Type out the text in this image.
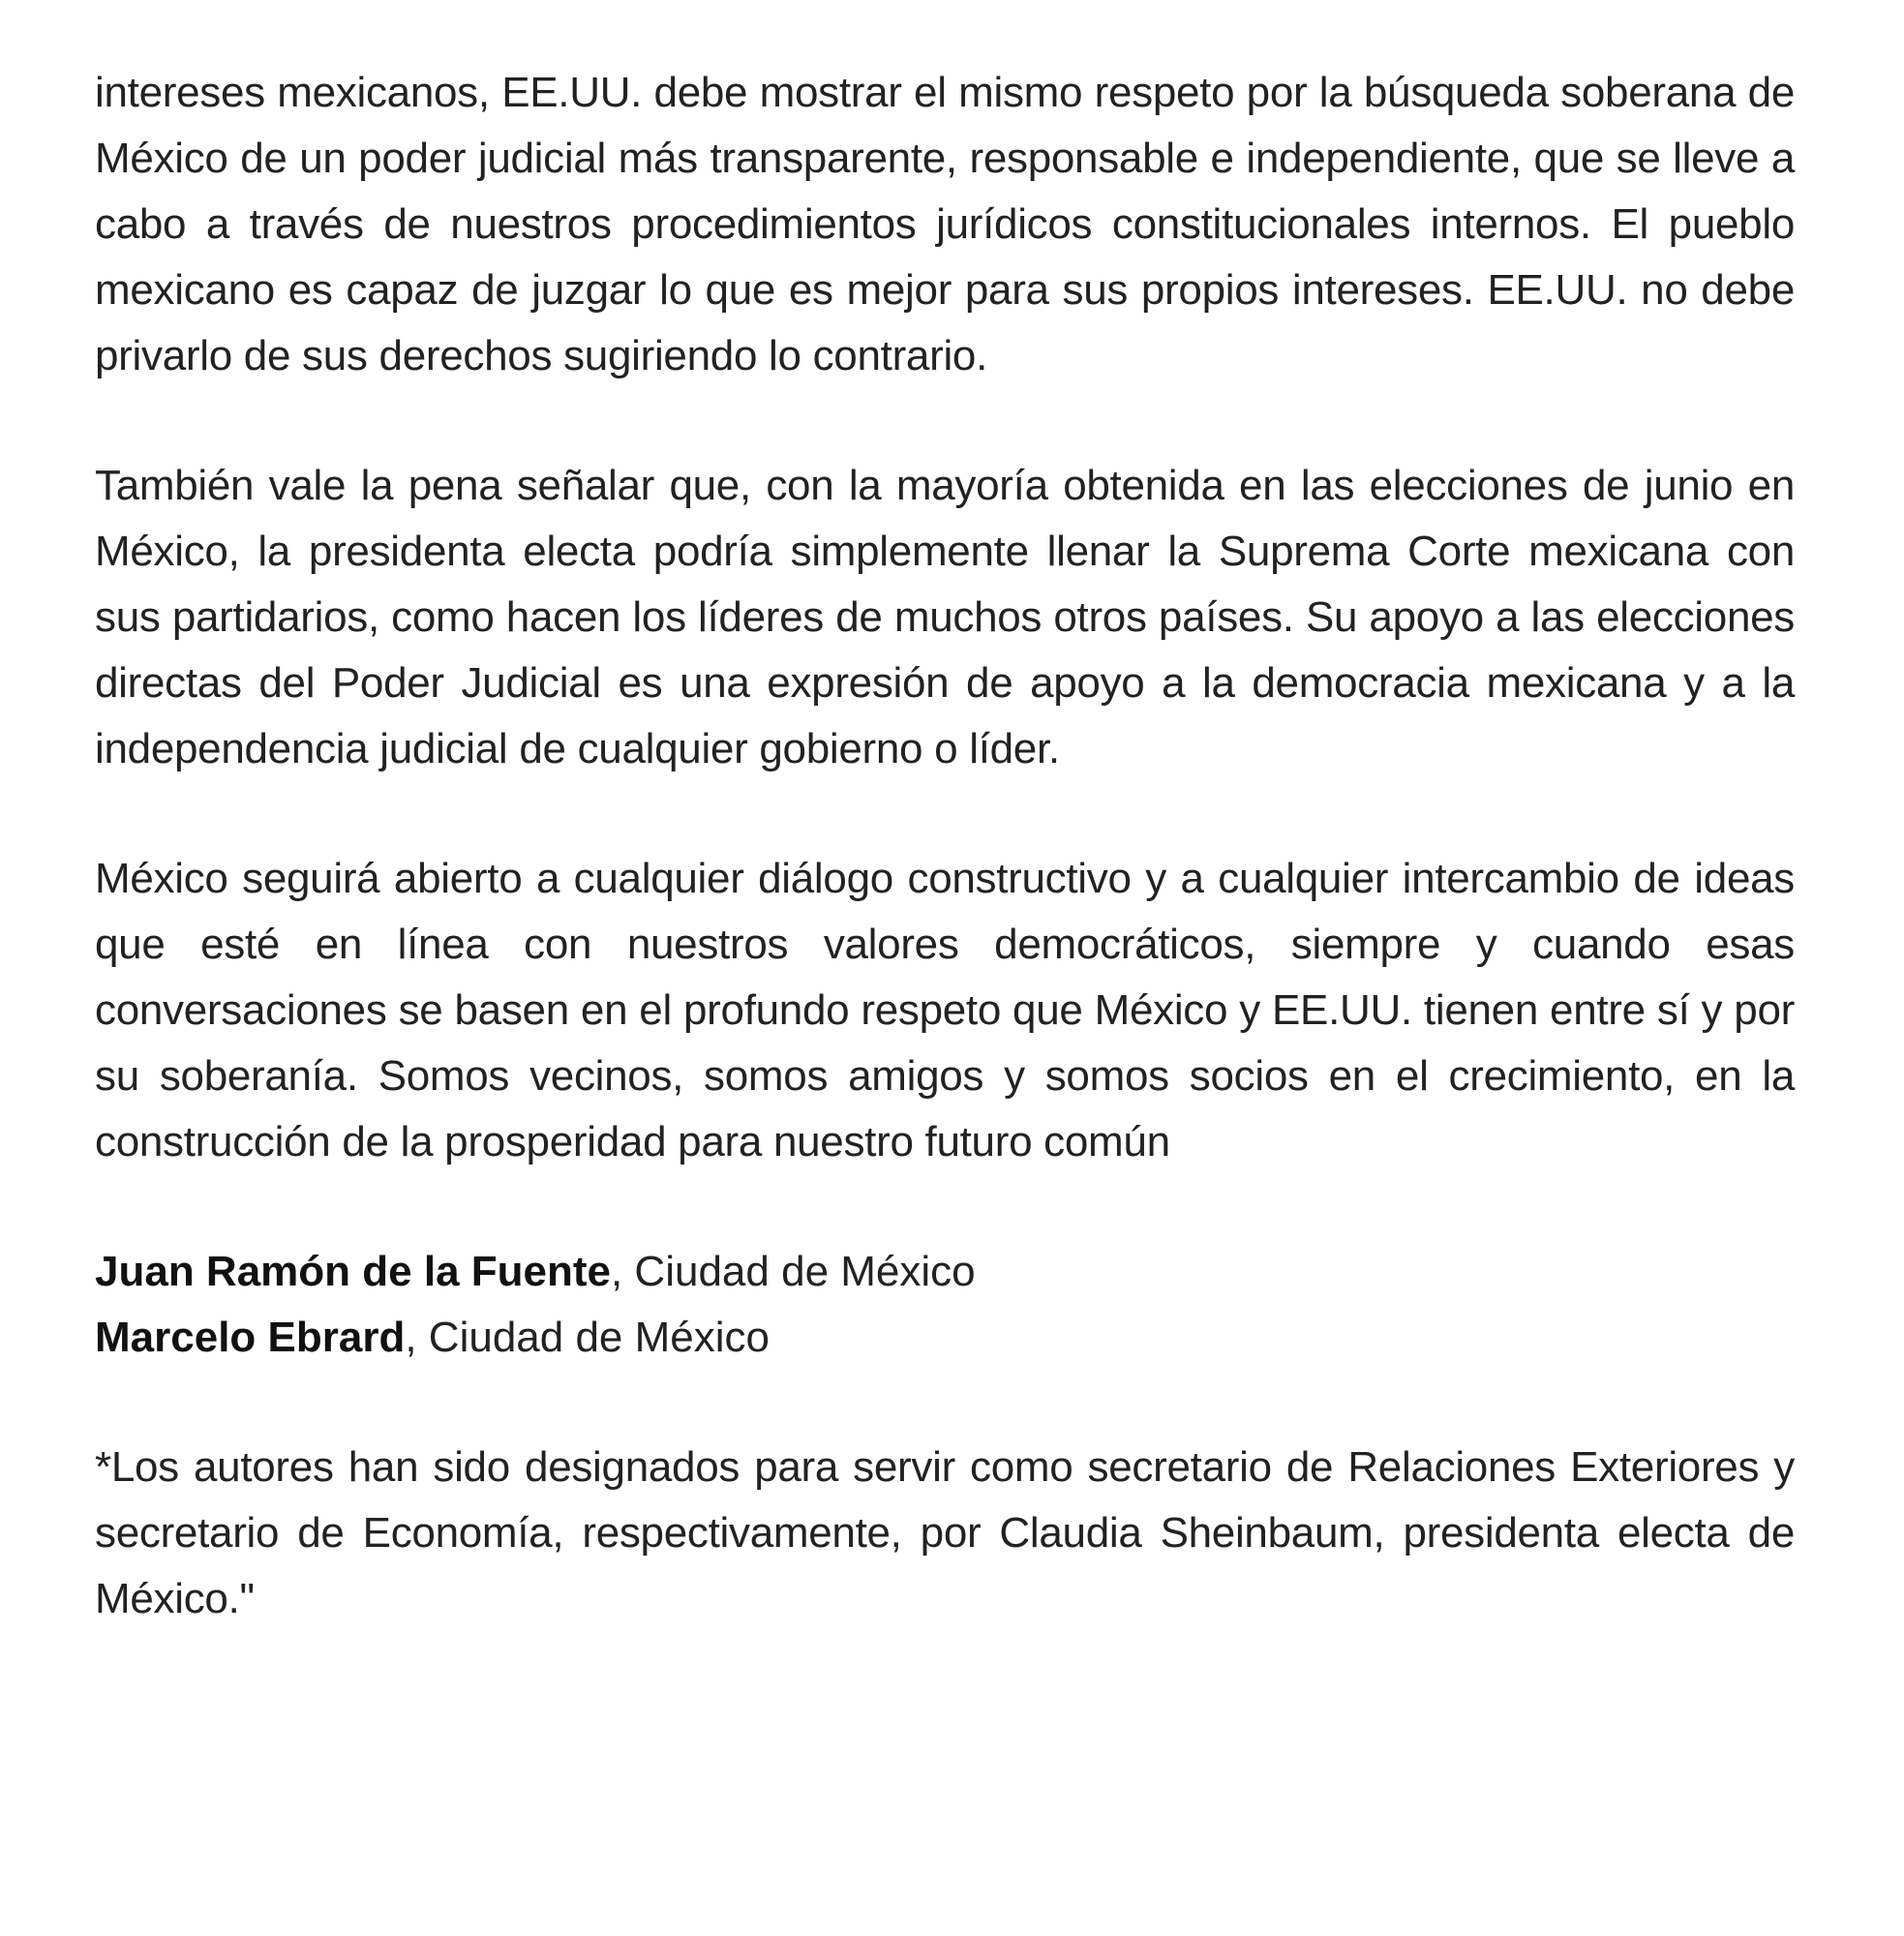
intereses mexicanos, EE.UU. debe mostrar el mismo respeto por la búsqueda soberana de México de un poder judicial más transparente, responsable e independiente, que se lleve a cabo a través de nuestros procedimientos jurídicos constitucionales internos. El pueblo mexicano es capaz de juzgar lo que es mejor para sus propios intereses. EE.UU. no debe privarlo de sus derechos sugiriendo lo contrario.

También vale la pena señalar que, con la mayoría obtenida en las elecciones de junio en México, la presidenta electa podría simplemente llenar la Suprema Corte mexicana con sus partidarios, como hacen los líderes de muchos otros países. Su apoyo a las elecciones directas del Poder Judicial es una expresión de apoyo a la democracia mexicana y a la independencia judicial de cualquier gobierno o líder.

México seguirá abierto a cualquier diálogo constructivo y a cualquier intercambio de ideas que esté en línea con nuestros valores democráticos, siempre y cuando esas conversaciones se basen en el profundo respeto que México y EE.UU. tienen entre sí y por su soberanía. Somos vecinos, somos amigos y somos socios en el crecimiento, en la construcción de la prosperidad para nuestro futuro común

Juan Ramón de la Fuente, Ciudad de México
Marcelo Ebrard, Ciudad de México

*Los autores han sido designados para servir como secretario de Relaciones Exteriores y secretario de Economía, respectivamente, por Claudia Sheinbaum, presidenta electa de México."
